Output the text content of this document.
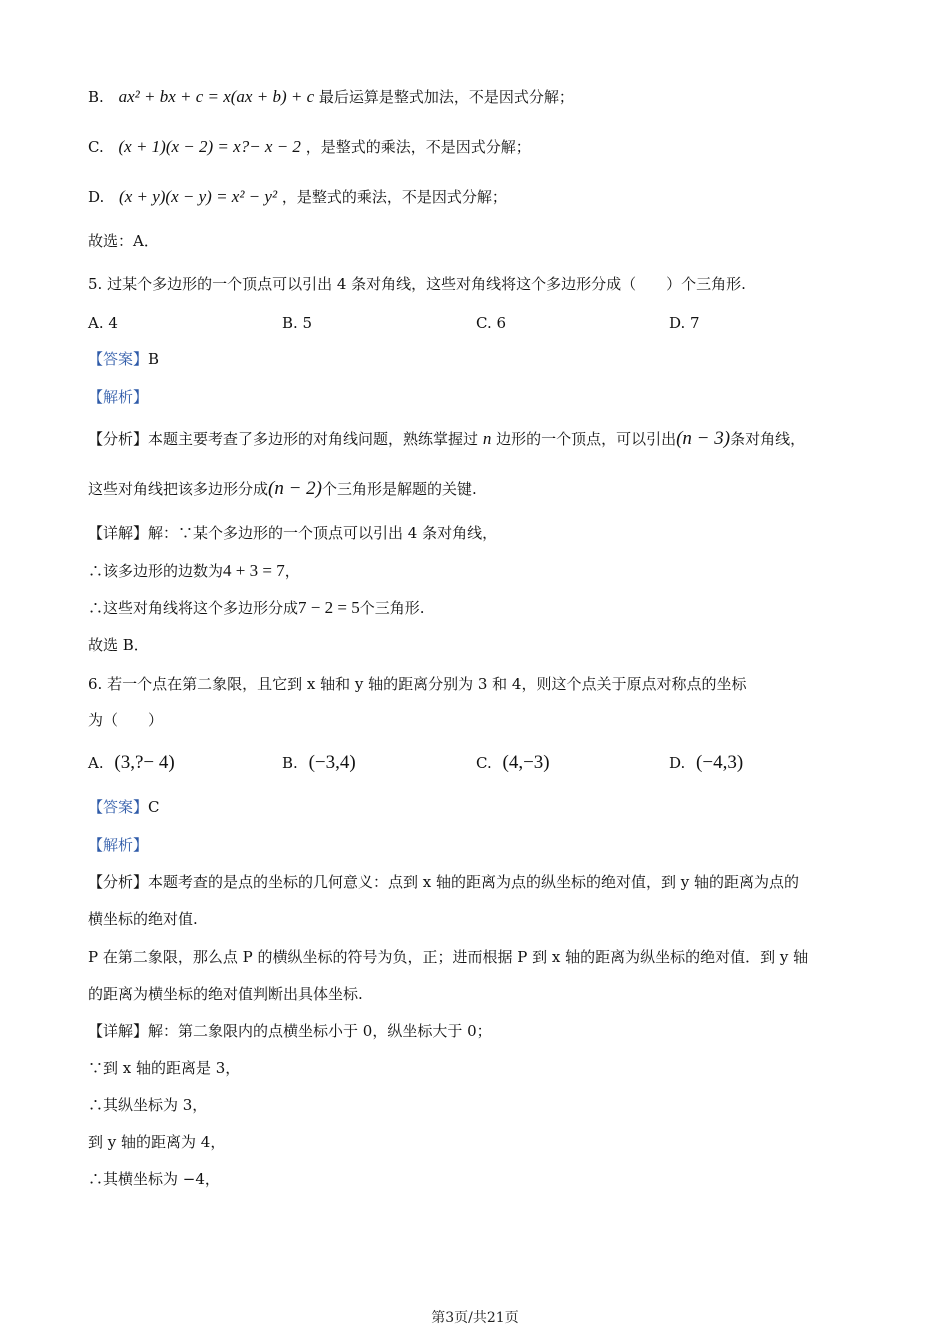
B. ax² + bx + c = x(ax + b) + c 最后运算是整式加法，不是因式分解；
C. (x + 1)(x − 2) = x?− x − 2 ，是整式的乘法，不是因式分解；
D. (x + y)(x − y) = x² − y² ，是整式的乘法，不是因式分解；
故选：A．
5. 过某个多边形的一个顶点可以引出 4 条对角线，这些对角线将这个多边形分成（　　）个三角形.
A. 4	B. 5	C. 6	D. 7
【答案】B
【解析】
【分析】本题主要考查了多边形的对角线问题，熟练掌握过 n 边形的一个顶点，可以引出(n − 3)条对角线，
这些对角线把该多边形分成(n − 2)个三角形是解题的关键.
【详解】解：∵某个多边形的一个顶点可以引出 4 条对角线，
∴该多边形的边数为4 + 3 = 7，
∴这些对角线将这个多边形分成7 − 2 = 5个三角形.
故选 B．
6. 若一个点在第二象限，且它到 x 轴和 y 轴的距离分别为 3 和 4，则这个点关于原点对称点的坐标
为（　　）
A. (3,?− 4)	B. (−3,4)	C. (4,−3)	D. (−4,3)
【答案】C
【解析】
【分析】本题考查的是点的坐标的几何意义：点到 x 轴的距离为点的纵坐标的绝对值，到 y 轴的距离为点的
横坐标的绝对值.
P 在第二象限，那么点 P 的横纵坐标的符号为负，正；进而根据 P 到 x 轴的距离为纵坐标的绝对值．到 y 轴
的距离为横坐标的绝对值判断出具体坐标.
【详解】解：第二象限内的点横坐标小于 0，纵坐标大于 0；
∵到 x 轴的距离是 3，
∴其纵坐标为 3，
到 y 轴的距离为 4，
∴其横坐标为 −4，
第3页/共21页
